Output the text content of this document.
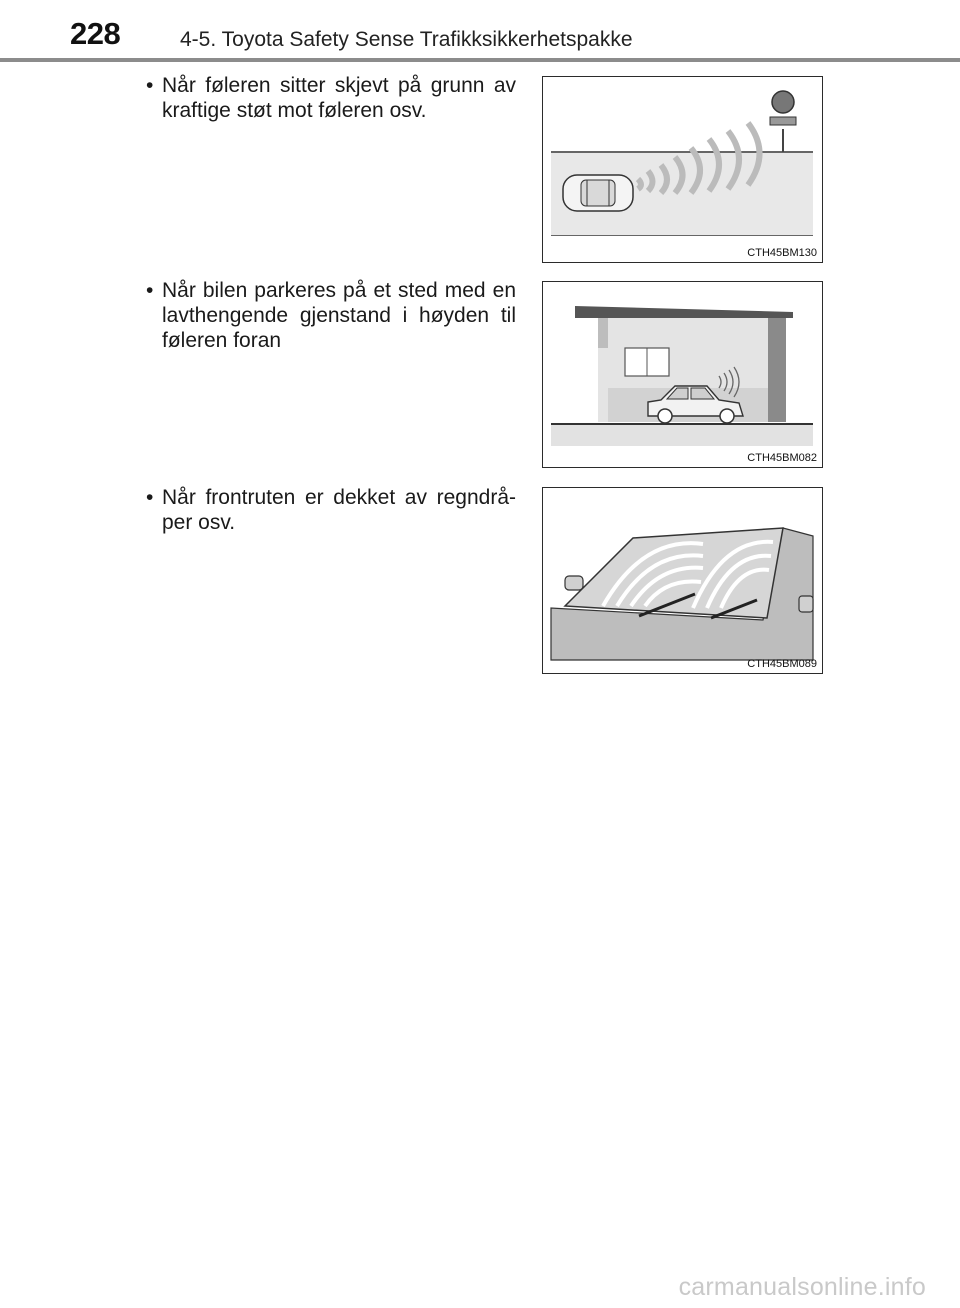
228	4-5. Toyota Safety Sense Trafikksikkerhetspakke
• Når føleren sitter skjevt på grunn av kraftige støt mot føleren osv.
CTH45BM130
• Når bilen parkeres på et sted med en lavthengende gjenstand i høyden til føleren foran
CTH45BM082
• Når frontruten er dekket av regndrå-per osv.
CTH45BM089
carmanualsonline.info
